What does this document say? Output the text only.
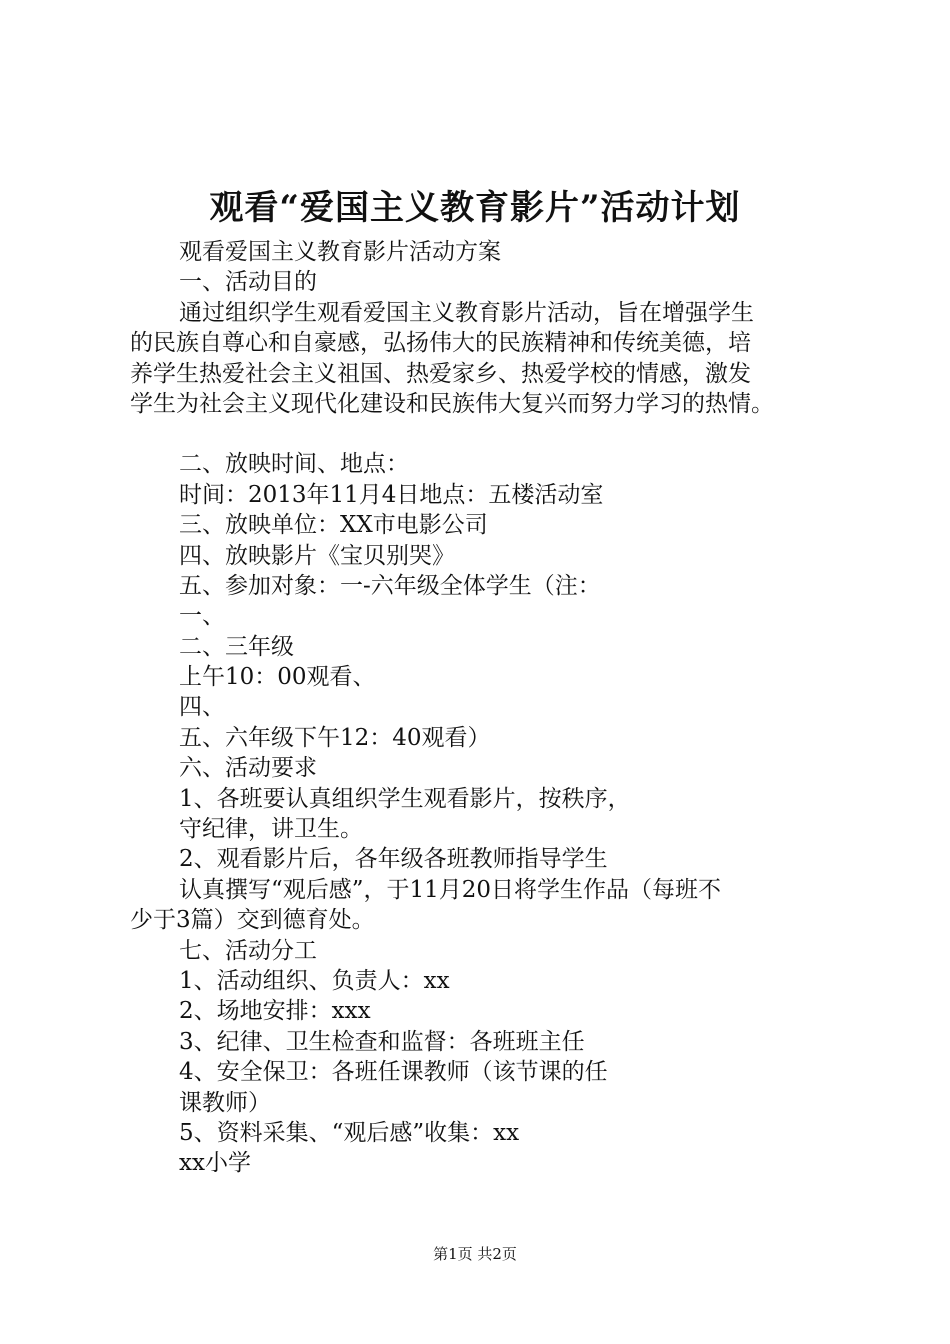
观看“爱国主义教育影片”活动计划
观看爱国主义教育影片活动方案
一、活动目的
通过组织学生观看爱国主义教育影片活动，旨在增强学生
的民族自尊心和自豪感，弘扬伟大的民族精神和传统美德，培
养学生热爱社会主义祖国、热爱家乡、热爱学校的情感，激发
学生为社会主义现代化建设和民族伟大复兴而努力学习的热情。
二、放映时间、地点：
时间：2013年11月4日地点：五楼活动室
三、放映单位：XX市电影公司
四、放映影片《宝贝别哭》
五、参加对象：一-六年级全体学生（注：
一、
二、三年级
上午10：00观看、
四、
五、六年级下午12：40观看）
六、活动要求
1、各班要认真组织学生观看影片，按秩序，
守纪律，讲卫生。
2、观看影片后，各年级各班教师指导学生
认真撰写“观后感”，于11月20日将学生作品（每班不
少于3篇）交到德育处。
七、活动分工
1、活动组织、负责人：xx
2、场地安排：xxx
3、纪律、卫生检查和监督：各班班主任
4、安全保卫：各班任课教师（该节课的任
课教师）
5、资料采集、“观后感”收集：xx
xx小学
第1页 共2页
